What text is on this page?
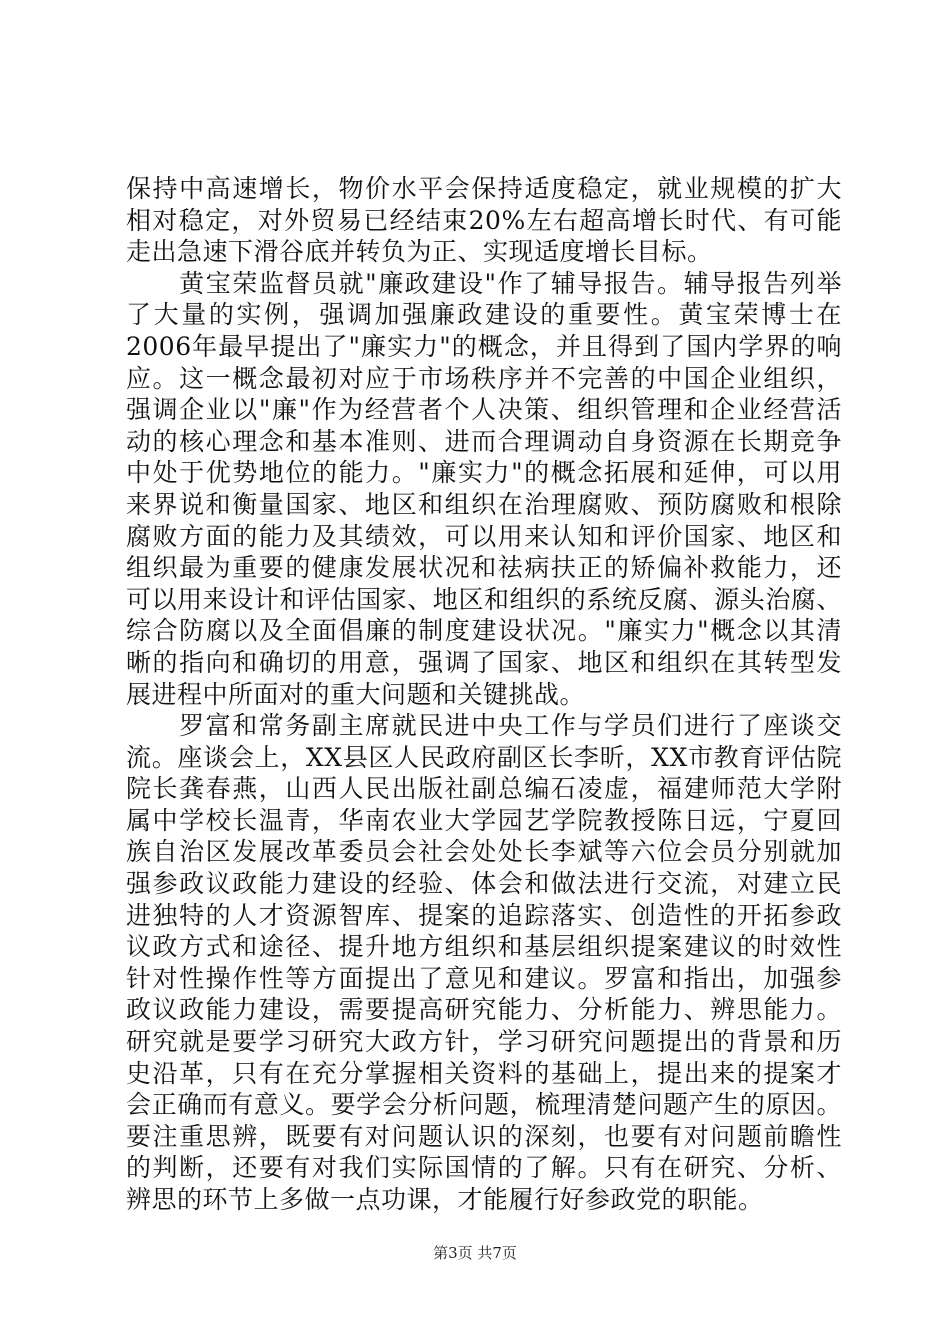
保持中高速增长，物价水平会保持适度稳定，就业规模的扩大
相对稳定，对外贸易已经结束20%左右超高增长时代、有可能
走出急速下滑谷底并转负为正、实现适度增长目标。
　　黄宝荣监督员就"廉政建设"作了辅导报告。辅导报告列举
了大量的实例，强调加强廉政建设的重要性。黄宝荣博士在
2006年最早提出了"廉实力"的概念，并且得到了国内学界的响
应。这一概念最初对应于市场秩序并不完善的中国企业组织，
强调企业以"廉"作为经营者个人决策、组织管理和企业经营活
动的核心理念和基本准则、进而合理调动自身资源在长期竞争
中处于优势地位的能力。"廉实力"的概念拓展和延伸，可以用
来界说和衡量国家、地区和组织在治理腐败、预防腐败和根除
腐败方面的能力及其绩效，可以用来认知和评价国家、地区和
组织最为重要的健康发展状况和祛病扶正的矫偏补救能力，还
可以用来设计和评估国家、地区和组织的系统反腐、源头治腐、
综合防腐以及全面倡廉的制度建设状况。"廉实力"概念以其清
晰的指向和确切的用意，强调了国家、地区和组织在其转型发
展进程中所面对的重大问题和关键挑战。
　　罗富和常务副主席就民进中央工作与学员们进行了座谈交
流。座谈会上，XX县区人民政府副区长李昕，XX市教育评估院
院长龚春燕，山西人民出版社副总编石凌虚，福建师范大学附
属中学校长温青，华南农业大学园艺学院教授陈日远，宁夏回
族自治区发展改革委员会社会处处长李斌等六位会员分别就加
强参政议政能力建设的经验、体会和做法进行交流，对建立民
进独特的人才资源智库、提案的追踪落实、创造性的开拓参政
议政方式和途径、提升地方组织和基层组织提案建议的时效性
针对性操作性等方面提出了意见和建议。罗富和指出，加强参
政议政能力建设，需要提高研究能力、分析能力、辨思能力。
研究就是要学习研究大政方针，学习研究问题提出的背景和历
史沿革，只有在充分掌握相关资料的基础上，提出来的提案才
会正确而有意义。要学会分析问题，梳理清楚问题产生的原因。
要注重思辨，既要有对问题认识的深刻，也要有对问题前瞻性
的判断，还要有对我们实际国情的了解。只有在研究、分析、
辨思的环节上多做一点功课，才能履行好参政党的职能。
第3页 共7页
